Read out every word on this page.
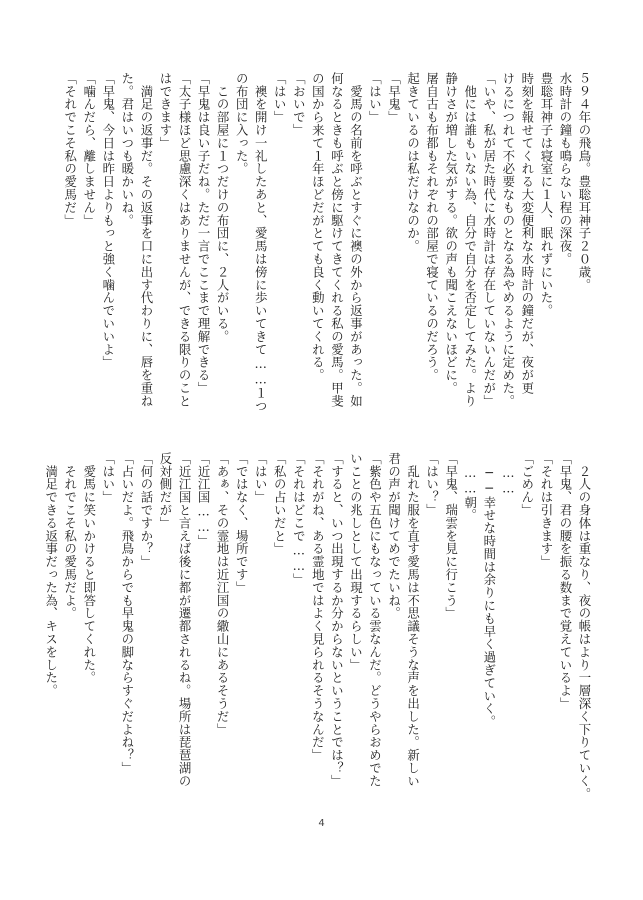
５９４年の飛鳥。豊聡耳神子２０歳。
水時計の鐘も鳴らない程の深夜。
豊聡耳神子は寝室に１人、眠れずにいた。
時刻を報せてくれる大変便利な水時計の鐘だが、夜が更
けるにつれて不必要なものとなる為やめるように定めた。
「いや、私が居た時代に水時計は存在していないんだが」
　他には誰もいない為、自分で自分を否定してみた。より
静けさが増した気がする。欲の声も聞こえないほどに。
屠自古も布都もそれぞれの部屋で寝ているのだろう。
起きているのは私だけなのか。
「早鬼」
「はい」
　愛馬の名前を呼ぶとすぐに襖の外から返事があった。如
何なるときも呼ぶと傍に駆けてきてくれる私の愛馬。甲斐
の国から来て１年ほどだがとても良く動いてくれる。
「おいで」
「はい」
　襖を開け一礼したあと、愛馬は傍に歩いてきて……１つ
の布団に入った。
　この部屋に１つだけの布団に、２人がいる。
「早鬼は良い子だね。ただ一言でここまで理解できる」
「太子様ほど思慮深くはありませんが、できる限りのこと
はできます」
　満足の返事だ。その返事を口に出す代わりに、唇を重ね
た。君はいつも暖かいね。
「早鬼、今日は昨日よりもっと強く噛んでいいよ」
「噛んだら、離しません」
「それでこそ私の愛馬だ」
　２人の身体は重なり、夜の帳はより一層深く下りていく。
「早鬼、君の腰を振る数まで覚えているよ」
「それは引きます」
「ごめん」
　……
　──幸せな時間は余りにも早く過ぎていく。
　……朝。
「早鬼、瑞雲を見に行こう」
「はい？」
　乱れた服を直す愛馬は不思議そうな声を出した。新しい
君の声が聞けてめでたいね。
「紫色や五色にもなっている雲なんだ。どうやらおめでた
いことの兆しとして出現するらしい」
「すると、いつ出現するか分からないということでは？」
「それがね、ある霊地ではよく見られるそうなんだ」
「それはどこで……」
「私の占いだと」
「はい」
「ではなく、場所です」
「あぁ、その霊地は近江国の繖山にあるそうだ」
「近江国……」
「近江国と言えば後に都が遷都されるね。場所は琵琶湖の
反対側だが」
「何の話ですか？」
「占いだよ。飛鳥からでも早鬼の脚ならすぐだよね？」
「はい」
　愛馬に笑いかけると即答してくれた。
　それでこそ私の愛馬だよ。
　満足できる返事だった為、キスをした。
4
